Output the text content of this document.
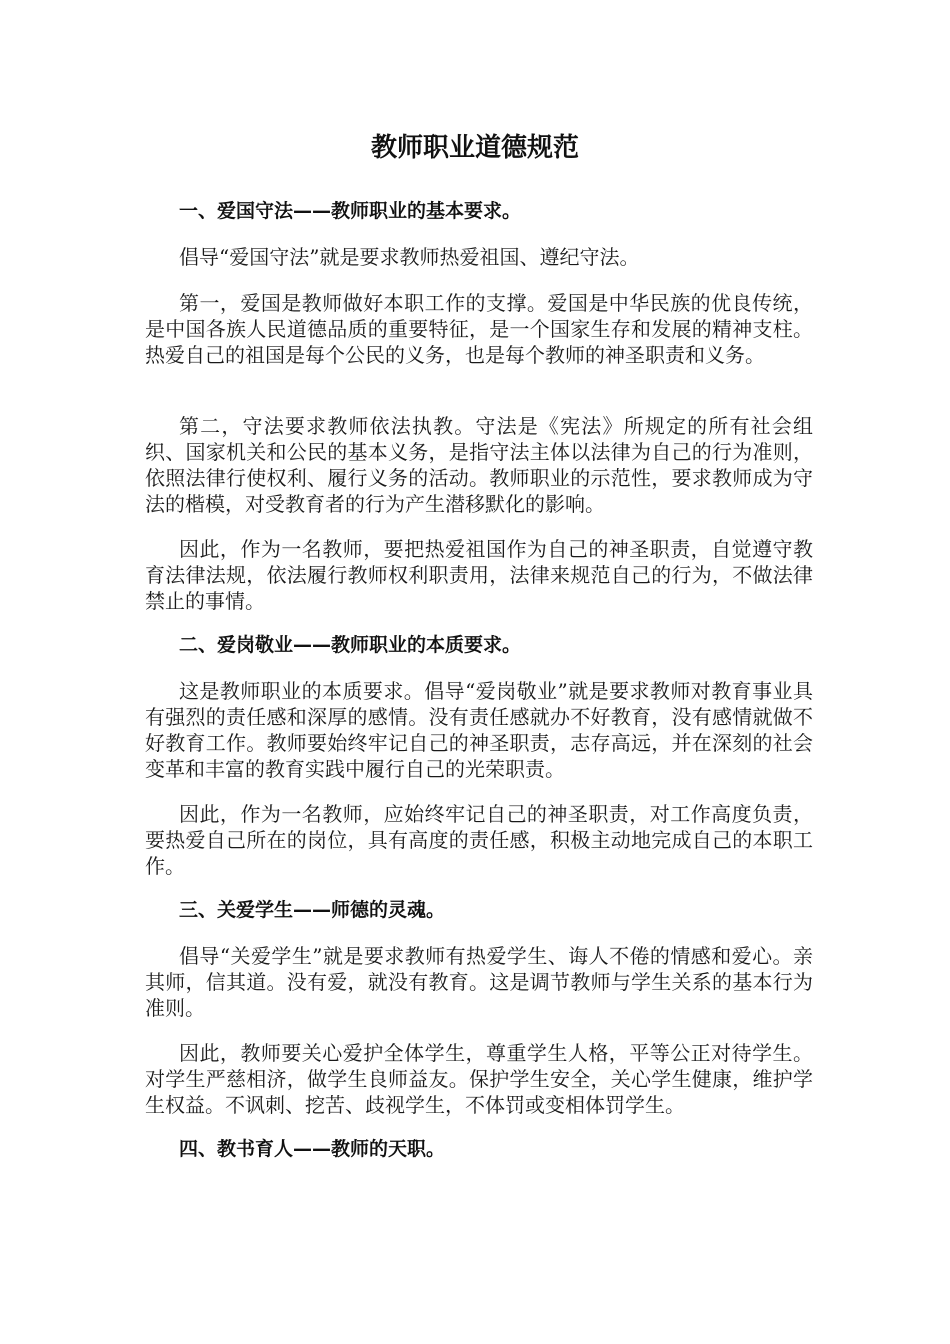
教师职业道德规范

一、爱国守法——教师职业的基本要求。

倡导“爱国守法”就是要求教师热爱祖国、遵纪守法。

第一，爱国是教师做好本职工作的支撑。爱国是中华民族的优良传统，是中国各族人民道德品质的重要特征，是一个国家生存和发展的精神支柱。热爱自己的祖国是每个公民的义务，也是每个教师的神圣职责和义务。

第二，守法要求教师依法执教。守法是《宪法》所规定的所有社会组织、国家机关和公民的基本义务，是指守法主体以法律为自己的行为准则，依照法律行使权利、履行义务的活动。教师职业的示范性，要求教师成为守法的楷模，对受教育者的行为产生潜移默化的影响。

因此，作为一名教师，要把热爱祖国作为自己的神圣职责，自觉遵守教育法律法规，依法履行教师权利职责用，法律来规范自己的行为，不做法律禁止的事情。

二、爱岗敬业——教师职业的本质要求。

这是教师职业的本质要求。倡导“爱岗敬业”就是要求教师对教育事业具有强烈的责任感和深厚的感情。没有责任感就办不好教育，没有感情就做不好教育工作。教师要始终牢记自己的神圣职责，志存高远，并在深刻的社会变革和丰富的教育实践中履行自己的光荣职责。

因此，作为一名教师，应始终牢记自己的神圣职责，对工作高度负责，要热爱自己所在的岗位，具有高度的责任感，积极主动地完成自己的本职工作。

三、关爱学生——师德的灵魂。

倡导“关爱学生”就是要求教师有热爱学生、诲人不倦的情感和爱心。亲其师，信其道。没有爱，就没有教育。这是调节教师与学生关系的基本行为准则。

因此，教师要关心爱护全体学生，尊重学生人格，平等公正对待学生。对学生严慈相济，做学生良师益友。保护学生安全，关心学生健康，维护学生权益。不讽刺、挖苦、歧视学生，不体罚或变相体罚学生。

四、教书育人——教师的天职。
